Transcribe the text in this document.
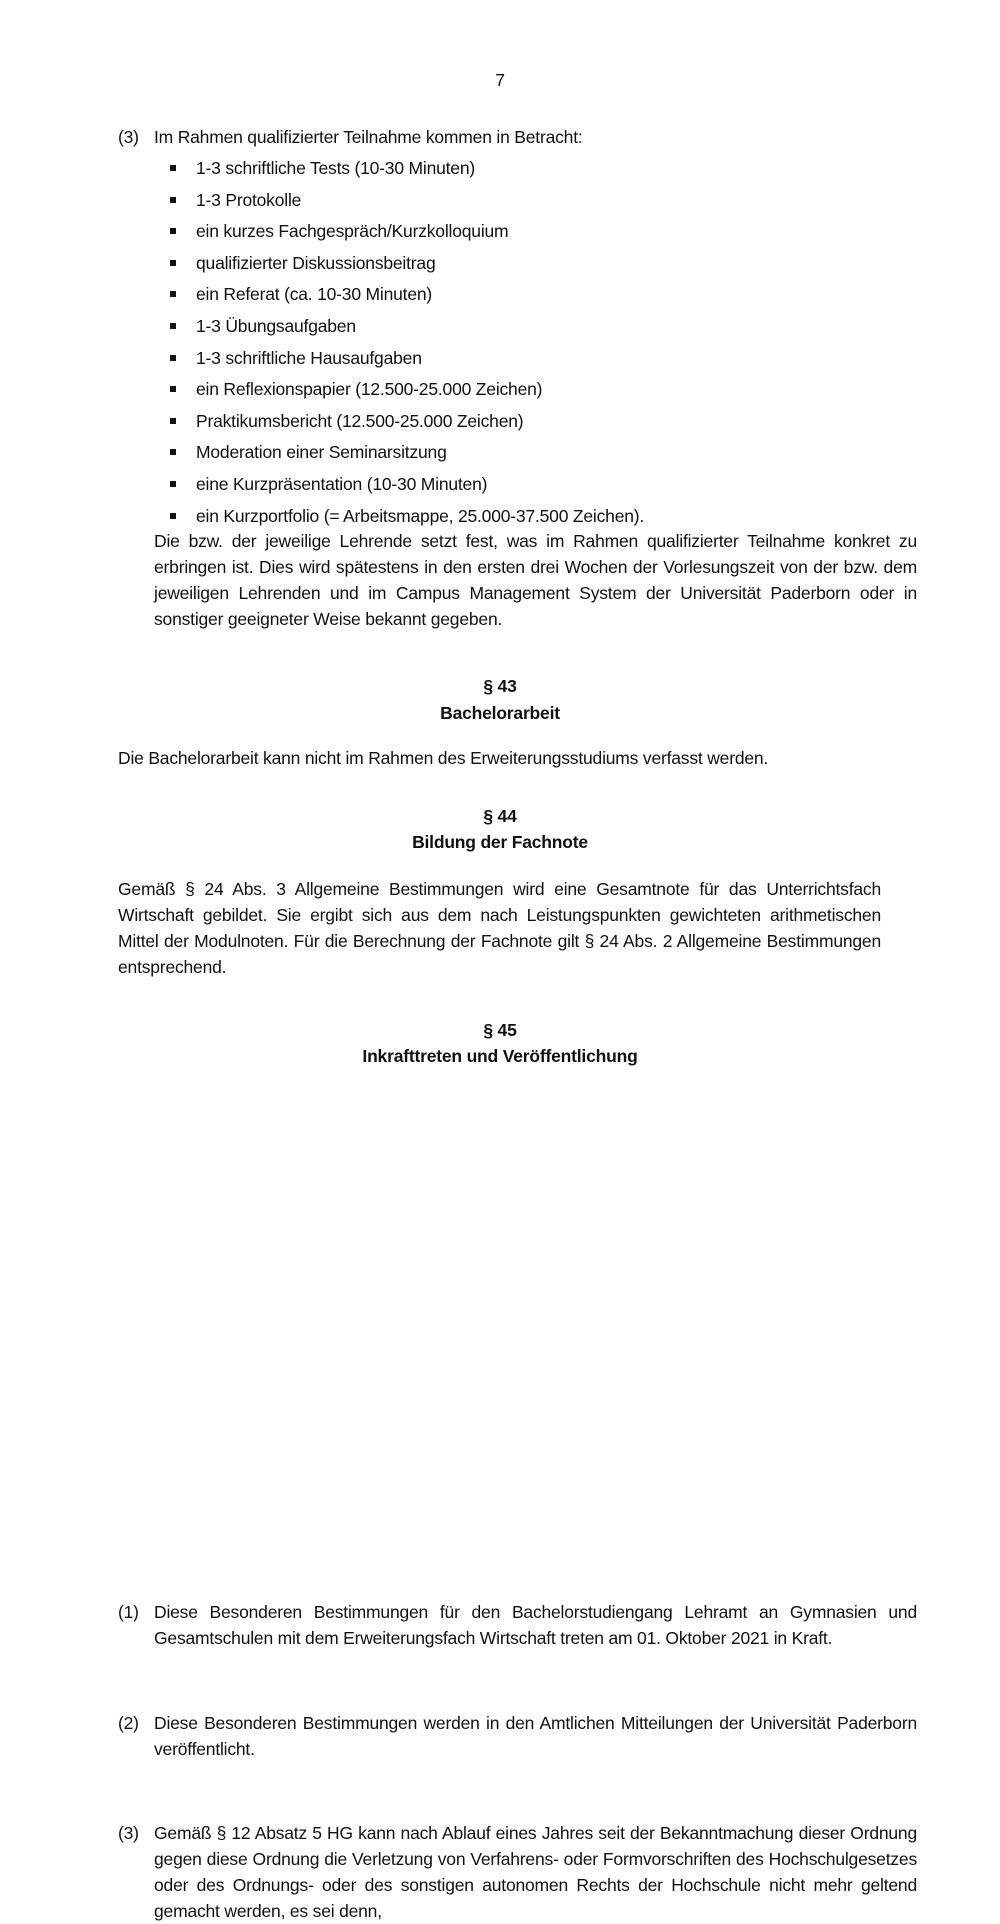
7
(3) Im Rahmen qualifizierter Teilnahme kommen in Betracht:
1-3 schriftliche Tests (10-30 Minuten)
1-3 Protokolle
ein kurzes Fachgespräch/Kurzkolloquium
qualifizierter Diskussionsbeitrag
ein Referat (ca. 10-30 Minuten)
1-3 Übungsaufgaben
1-3 schriftliche Hausaufgaben
ein Reflexionspapier (12.500-25.000 Zeichen)
Praktikumsbericht (12.500-25.000 Zeichen)
Moderation einer Seminarsitzung
eine Kurzpräsentation (10-30 Minuten)
ein Kurzportfolio (= Arbeitsmappe, 25.000-37.500 Zeichen).
Die bzw. der jeweilige Lehrende setzt fest, was im Rahmen qualifizierter Teilnahme konkret zu erbringen ist. Dies wird spätestens in den ersten drei Wochen der Vorlesungszeit von der bzw. dem jeweiligen Lehrenden und im Campus Management System der Universität Paderborn oder in sonstiger geeigneter Weise bekannt gegeben.
§ 43
Bachelorarbeit
Die Bachelorarbeit kann nicht im Rahmen des Erweiterungsstudiums verfasst werden.
§ 44
Bildung der Fachnote
Gemäß § 24 Abs. 3 Allgemeine Bestimmungen wird eine Gesamtnote für das Unterrichtsfach Wirtschaft gebildet. Sie ergibt sich aus dem nach Leistungspunkten gewichteten arithmetischen Mittel der Modulnoten. Für die Berechnung der Fachnote gilt § 24 Abs. 2 Allgemeine Bestimmungen entsprechend.
§ 45
Inkrafttreten und Veröffentlichung
(1) Diese Besonderen Bestimmungen für den Bachelorstudiengang Lehramt an Gymnasien und Gesamtschulen mit dem Erweiterungsfach Wirtschaft treten am 01. Oktober 2021 in Kraft.
(2) Diese Besonderen Bestimmungen werden in den Amtlichen Mitteilungen der Universität Paderborn veröffentlicht.
(3) Gemäß § 12 Absatz 5 HG kann nach Ablauf eines Jahres seit der Bekanntmachung dieser Ordnung gegen diese Ordnung die Verletzung von Verfahrens- oder Formvorschriften des Hochschulgesetzes oder des Ordnungs- oder des sonstigen autonomen Rechts der Hochschule nicht mehr geltend gemacht werden, es sei denn,
